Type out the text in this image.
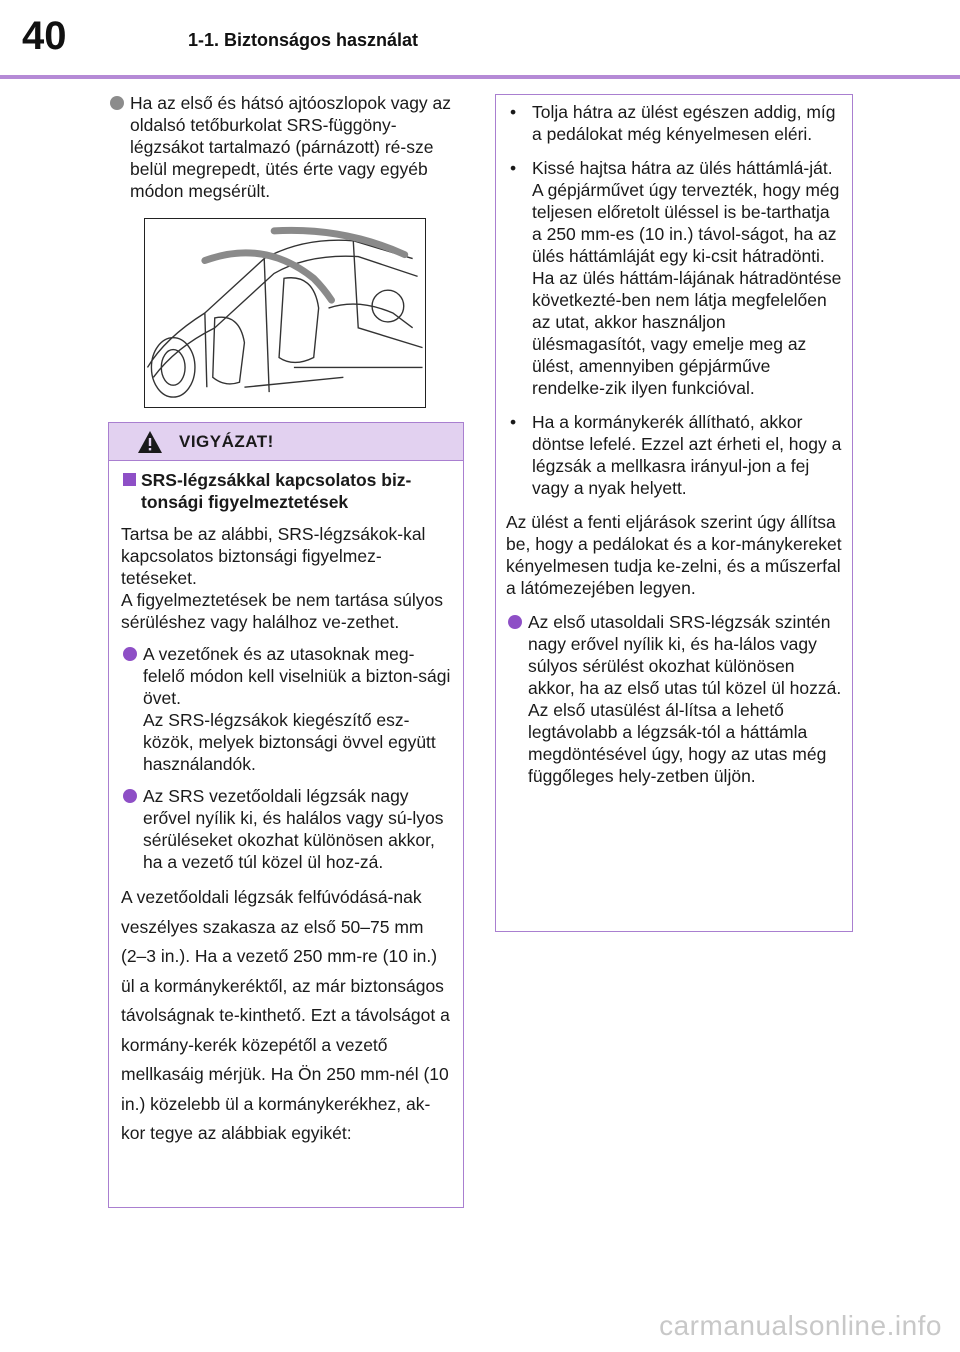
40	1-1. Biztonságos használat

Ha az első és hátsó ajtóoszlopok vagy az oldalsó tetőburkolat SRS-függöny-légzsákot tartalmazó (párnázott) ré-sze belül megrepedt, ütés érte vagy egyéb módon megsérült.

VIGYÁZAT!

SRS-légzsákkal kapcsolatos biz-tonsági figyelmeztetések

Tartsa be az alábbi, SRS-légzsákok-kal kapcsolatos biztonsági figyelmez-tetéseket.
A figyelmeztetések be nem tartása súlyos sérüléshez vagy halálhoz ve-zethet.

A vezetőnek és az utasoknak meg-felelő módon kell viselniük a bizton-sági övet.
Az SRS-légzsákok kiegészítő esz-közök, melyek biztonsági övvel együtt használandók.

Az SRS vezetőoldali légzsák nagy erővel nyílik ki, és halálos vagy sú-lyos sérüléseket okozhat különösen akkor, ha a vezető túl közel ül hoz-zá.

A vezetőoldali légzsák felfúvódásá-nak veszélyes szakasza az első 50–75 mm (2–3 in.). Ha a vezető 250 mm-re (10 in.) ül a kormánykeréktől, az már biztonságos távolságnak te-kinthető. Ezt a távolságot a kormány-kerék közepétől a vezető mellkasáig mérjük. Ha Ön 250 mm-nél (10 in.) közelebb ül a kormánykerékhez, ak-kor tegye az alábbiak egyikét:

• Tolja hátra az ülést egészen addig, míg a pedálokat még kényelmesen eléri.

• Kissé hajtsa hátra az ülés háttámlá-ját.
A gépjárművet úgy tervezték, hogy még teljesen előretolt üléssel is be-tarthatja a 250 mm-es (10 in.) távol-ságot, ha az ülés háttámláját egy ki-csit hátradönti. Ha az ülés háttám-lájának hátradöntése következté-ben nem látja megfelelően az utat, akkor használjon ülésmagasítót, vagy emelje meg az ülést, amennyiben gépjárműve rendelke-zik ilyen funkcióval.

• Ha a kormánykerék állítható, akkor döntse lefelé. Ezzel azt érheti el, hogy a légzsák a mellkasra irányul-jon a fej vagy a nyak helyett.

Az ülést a fenti eljárások szerint úgy állítsa be, hogy a pedálokat és a kor-mánykereket kényelmesen tudja ke-zelni, és a műszerfal a látómezejében legyen.

Az első utasoldali SRS-légzsák szintén nagy erővel nyílik ki, és ha-lálos vagy súlyos sérülést okozhat különösen akkor, ha az első utas túl közel ül hozzá. Az első utasülést ál-lítsa a lehető legtávolabb a légzsák-tól a háttámla megdöntésével úgy, hogy az utas még függőleges hely-zetben üljön.

carmanualsonline.info
